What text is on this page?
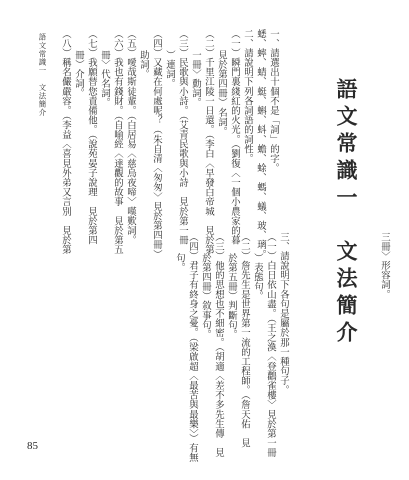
語文常識一　文法簡介
一、請選出十個不是「詞」的字。
蟋、蟀、蜻、蜓、蝌、蚪、蟾、蜍、螞、蟻、玻、璃。
二、請說明下列各詞語的詞性。
（一）瞬門裏綫紅的火光。（劉復〈一個小農家的暮
見於第四冊）名詞。
（二）千里江陵一日還。（李白〈早發白帝城　見於第
一冊〉動詞。
（三）民歌與小詩。（艾青民歌與小詩　見於第一冊
）連詞。
（四）又藏在何處呢？（朱自清〈匆匆〉見於第四冊）
助詞。
（五）噯哉斯徒輩。（白居易〈慈烏夜啼〉嘆歎詞。
（六）我也有錢財。（自喻經〈達觀的故事　見於第五
冊〉代名詞。
（七）我願替您責備他。（說苑晏子說理　見於第四
冊）介詞。
（八）稱名儼嚴容。（李益〈喜見外弟又言別　見於第
三冊〉形容詞。
三、請說明下各句是屬於那一種句子。
（一）白日依山盡。（王之渙〈登鸛雀樓〉見於第一冊
）表態句。
（二）詹先生是世界第一流的工程師。（詹天佑　見
於第五冊）判斷句。
（三）他的思想也不細密。（胡適〈差不多先生傳　見
於第四冊）敘事句。
（四）君子有終身之憂。（梁啟超〈最苦與最樂〉）有無
句。
語文常識一　文法簡介
85
